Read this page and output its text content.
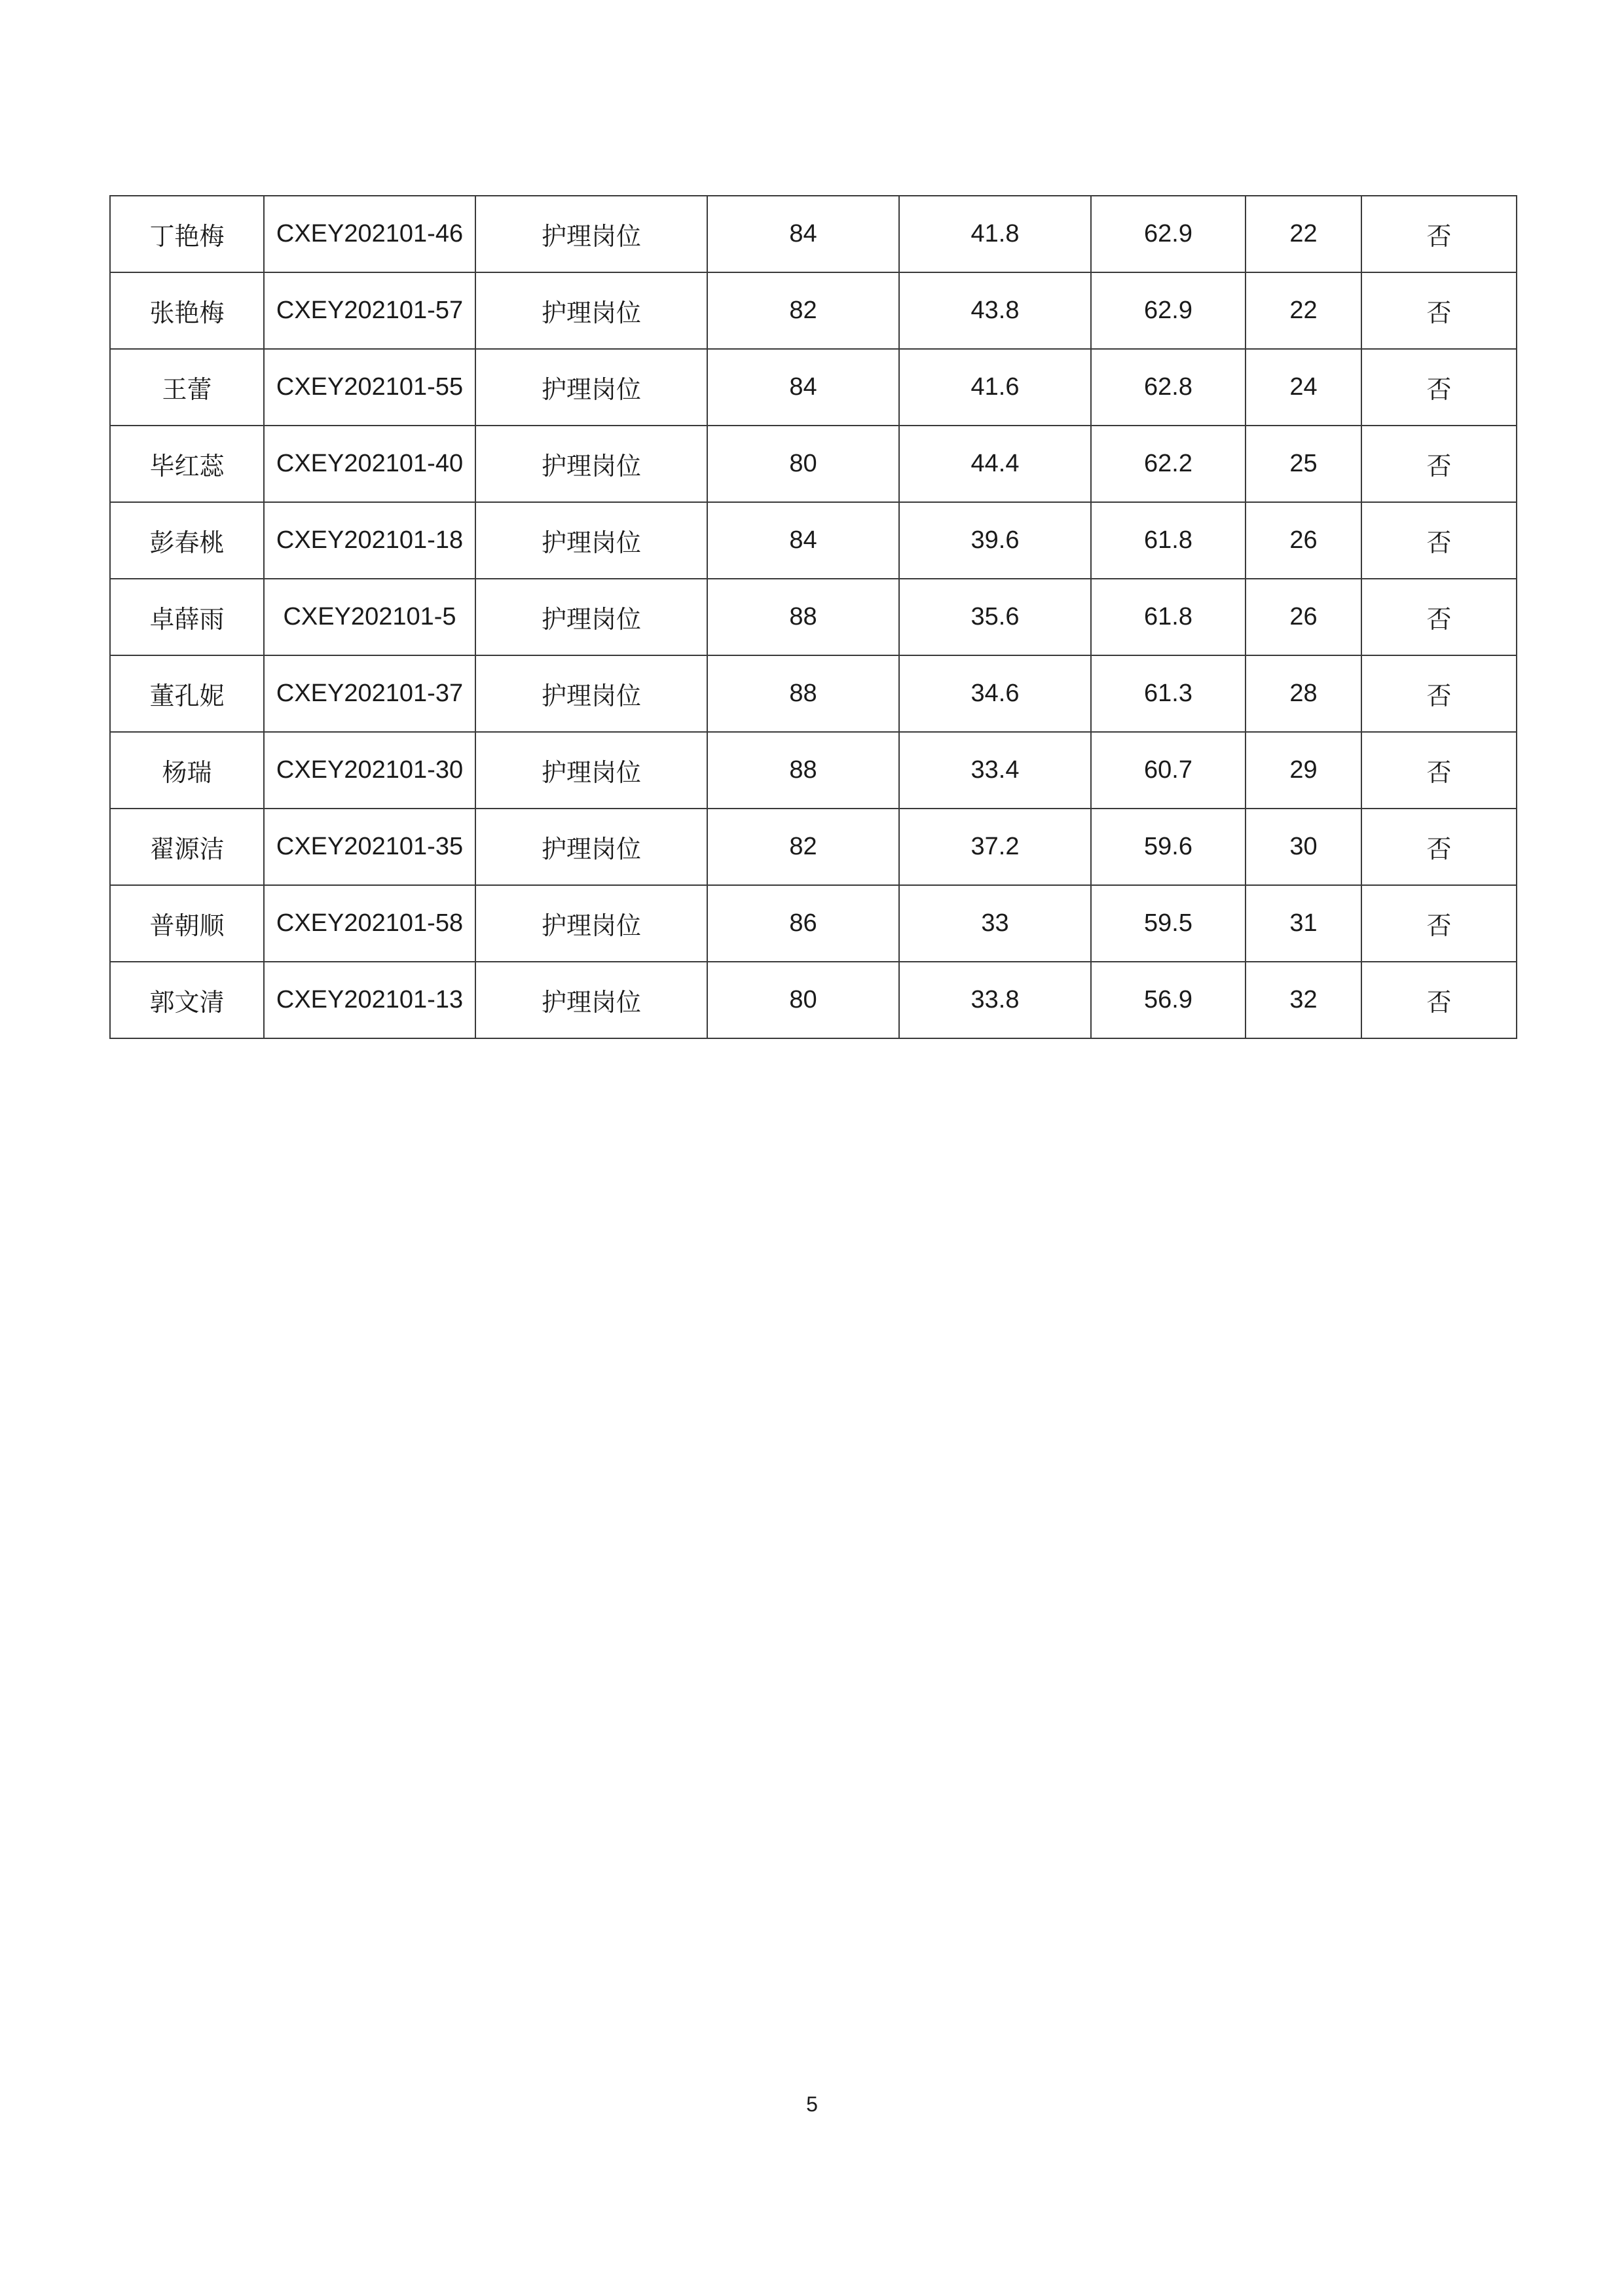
丁艳梅	CXEY202101-46	护理岗位	84	41.8	62.9	22	否
张艳梅	CXEY202101-57	护理岗位	82	43.8	62.9	22	否
王蕾	CXEY202101-55	护理岗位	84	41.6	62.8	24	否
毕红蕊	CXEY202101-40	护理岗位	80	44.4	62.2	25	否
彭春桃	CXEY202101-18	护理岗位	84	39.6	61.8	26	否
卓薛雨	CXEY202101-5	护理岗位	88	35.6	61.8	26	否
董孔妮	CXEY202101-37	护理岗位	88	34.6	61.3	28	否
杨瑞	CXEY202101-30	护理岗位	88	33.4	60.7	29	否
翟源洁	CXEY202101-35	护理岗位	82	37.2	59.6	30	否
普朝顺	CXEY202101-58	护理岗位	86	33	59.5	31	否
郭文清	CXEY202101-13	护理岗位	80	33.8	56.9	32	否
5
